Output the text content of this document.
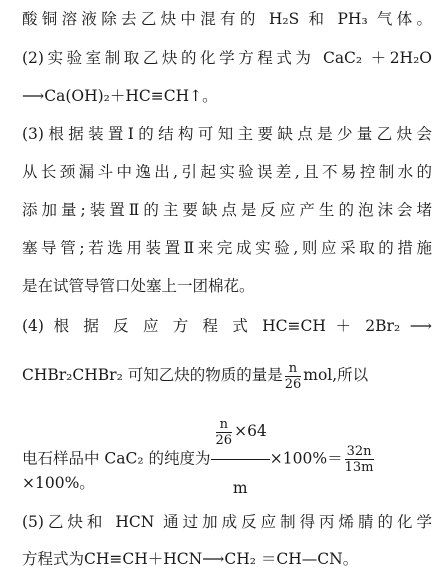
酸铜溶液除去乙炔中混有的 H₂S 和 PH₃ 气体。
(2)实验室制取乙炔的化学方程式为 CaC₂ ＋2H₂O
⟶Ca(OH)₂＋HC≡CH↑。
(3)根据装置Ⅰ的结构可知主要缺点是少量乙炔会
从长颈漏斗中逸出,引起实验误差,且不易控制水的
添加量;装置Ⅱ的主要缺点是反应产生的泡沫会堵
塞导管;若选用装置Ⅱ来完成实验,则应采取的措施
是在试管导管口处塞上一团棉花。
(4) 根 据 反 应 方 程 式 HC≡CH ＋ 2Br₂ ⟶
CHBr₂CHBr₂ 可知乙炔的物质的量是 $\frac{n}{26}$ mol,所以
电石样品中 CaC₂ 的纯度为 $\frac{\frac{n}{26} \times 64}{m} \times 100\%= \frac{32n}{13m}$
×100%。
(5)乙炔和 HCN 通过加成反应制得丙烯腈的化学
方程式为CH≡CH＋HCN⟶CH₂ ＝CH—CN。
